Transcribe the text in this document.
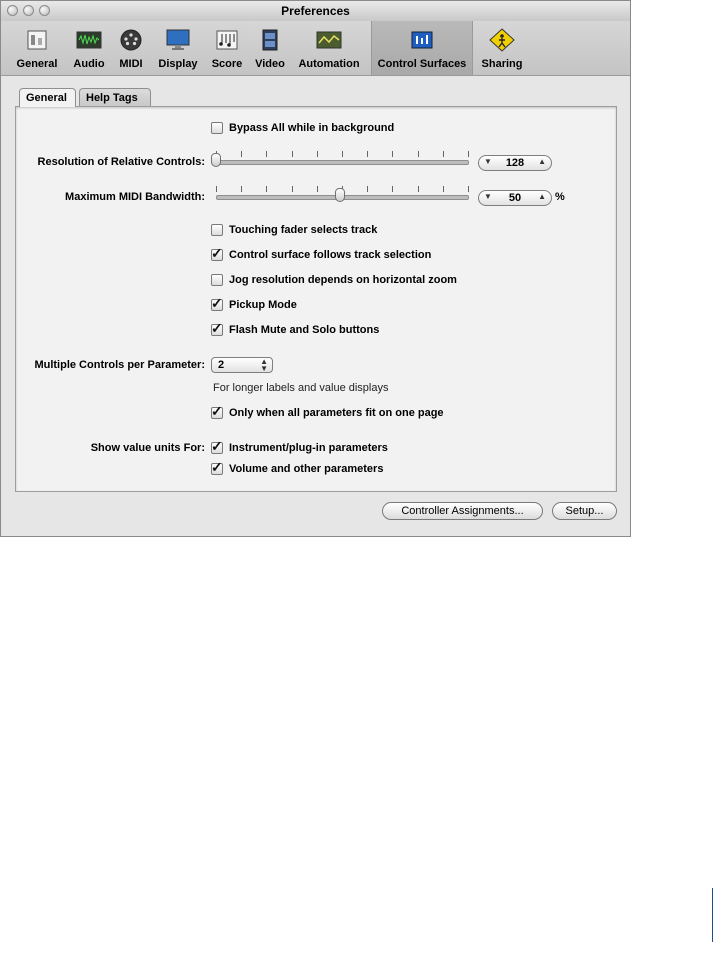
Preferences
General	Audio	MIDI	Display	Score	Video	Automation	Control Surfaces	Sharing
General	Help Tags
Bypass All while in background
Resolution of Relative Controls:	▼	128	▲
Maximum MIDI Bandwidth:	▼	50	▲ %
Touching fader selects track
✓ Control surface follows track selection
Jog resolution depends on horizontal zoom
✓ Pickup Mode
✓ Flash Mute and Solo buttons
Multiple Controls per Parameter: 2	▲
▼
For longer labels and value displays
✓ Only when all parameters fit on one page
Show value units For: ✓ Instrument/plug-in parameters
✓ Volume and other parameters
Controller Assignments...	Setup...
